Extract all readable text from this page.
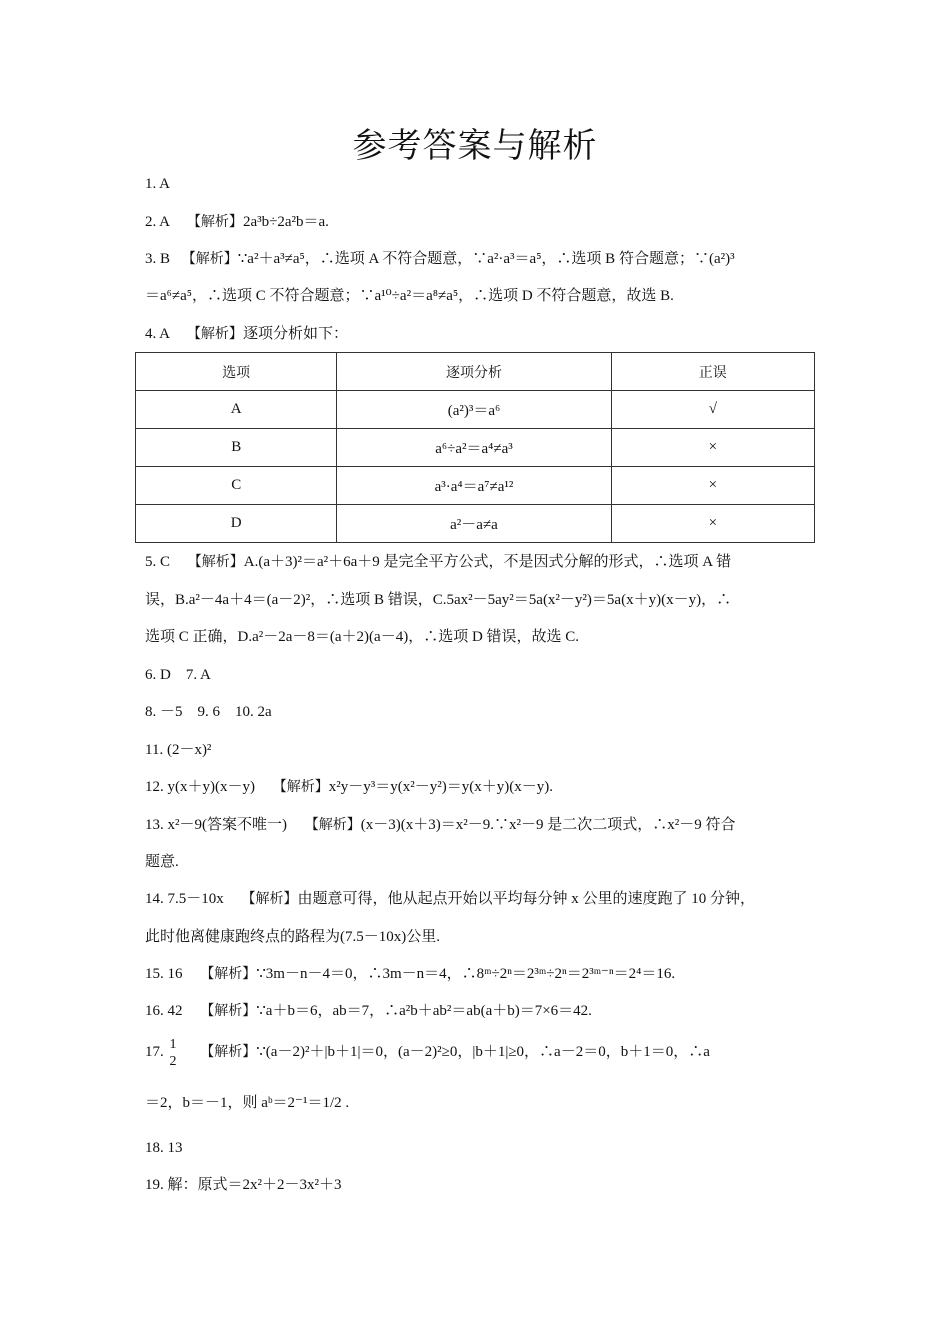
参考答案与解析
1. A
2. A 【解析】2a³b÷2a²b＝a.
3. B 【解析】∵a²＋a³≠a⁵，∴选项 A 不符合题意，∵a²·a³＝a⁵，∴选项 B 符合题意；∵(a²)³
＝a⁶≠a⁵，∴选项 C 不符合题意；∵a¹⁰÷a²＝a⁸≠a⁵，∴选项 D 不符合题意，故选 B.
4. A 【解析】逐项分析如下：
选项	逐项分析	正误
A	(a²)³＝a⁶	√
B	a⁶÷a²＝a⁴≠a³	×
C	a³·a⁴＝a⁷≠a¹²	×
D	a²－a≠a	×
5. C 【解析】A.(a＋3)²＝a²＋6a＋9 是完全平方公式，不是因式分解的形式，∴选项 A 错
误，B.a²－4a＋4＝(a－2)²，∴选项 B 错误，C.5ax²－5ay²＝5a(x²－y²)＝5a(x＋y)(x－y)，∴
选项 C 正确，D.a²－2a－8＝(a＋2)(a－4)，∴选项 D 错误，故选 C.
6. D　7. A
8. －5　9. 6　10. 2a
11. (2－x)²
12. y(x＋y)(x－y) 【解析】x²y－y³＝y(x²－y²)＝y(x＋y)(x－y).
13. x²－9(答案不唯一) 【解析】(x－3)(x＋3)＝x²－9.∵x²－9 是二次二项式，∴x²－9 符合
题意.
14. 7.5－10x 【解析】由题意可得，他从起点开始以平均每分钟 x 公里的速度跑了 10 分钟，
此时他离健康跑终点的路程为(7.5－10x)公里.
15. 16 【解析】∵3m－n－4＝0，∴3m－n＝4，∴8ᵐ÷2ⁿ＝2³ᵐ÷2ⁿ＝2³ᵐ⁻ⁿ＝2⁴＝16.
16. 42 【解析】∵a＋b＝6，ab＝7，∴a²b＋ab²＝ab(a＋b)＝7×6＝42.
17. 1
2
【解析】∵(a－2)²＋|b＋1|＝0，(a－2)²≥0，|b＋1|≥0，∴a－2＝0，b＋1＝0，∴a
＝2，b＝－1，则 aᵇ＝2⁻¹＝1/2 .
18. 13
19. 解：原式＝2x²＋2－3x²＋3
